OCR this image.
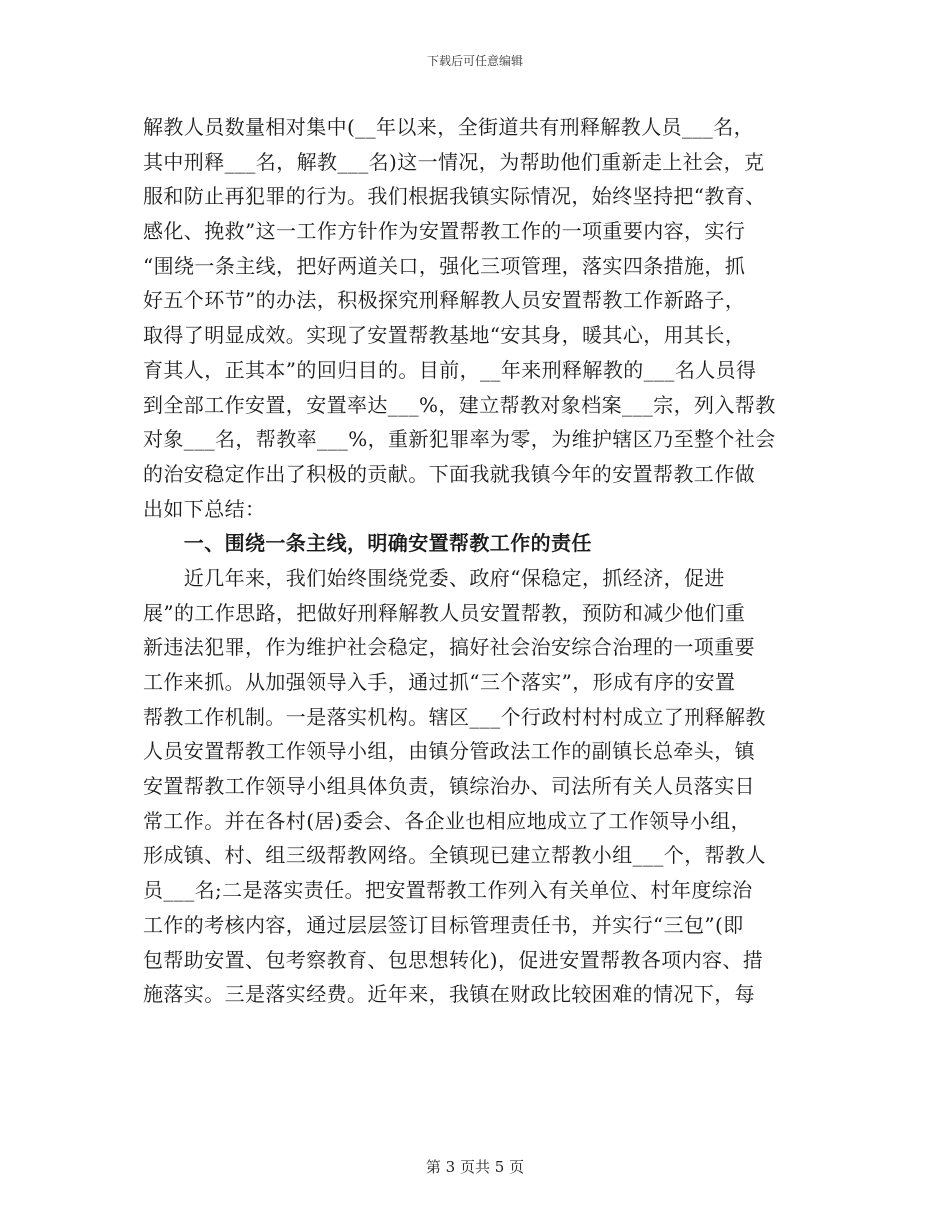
下载后可任意编辑
解教人员数量相对集中(__年以来，全街道共有刑释解教人员___名，
其中刑释___名，解教___名)这一情况，为帮助他们重新走上社会，克
服和防止再犯罪的行为。我们根据我镇实际情况，始终坚持把“教育、
感化、挽救”这一工作方针作为安置帮教工作的一项重要内容，实行
“围绕一条主线，把好两道关口，强化三项管理，落实四条措施，抓
好五个环节”的办法，积极探究刑释解教人员安置帮教工作新路子，
取得了明显成效。实现了安置帮教基地“安其身，暖其心，用其长，
育其人，正其本”的回归目的。目前，__年来刑释解教的___名人员得
到全部工作安置，安置率达___%，建立帮教对象档案___宗，列入帮教
对象___名，帮教率___%，重新犯罪率为零，为维护辖区乃至整个社会
的治安稳定作出了积极的贡献。下面我就我镇今年的安置帮教工作做
出如下总结：
　　一、围绕一条主线，明确安置帮教工作的责任
　　近几年来，我们始终围绕党委、政府“保稳定，抓经济，促进
展”的工作思路，把做好刑释解教人员安置帮教，预防和减少他们重
新违法犯罪，作为维护社会稳定，搞好社会治安综合治理的一项重要
工作来抓。从加强领导入手，通过抓“三个落实”，形成有序的安置
帮教工作机制。一是落实机构。辖区___个行政村村村成立了刑释解教
人员安置帮教工作领导小组，由镇分管政法工作的副镇长总牵头，镇
安置帮教工作领导小组具体负责，镇综治办、司法所有关人员落实日
常工作。并在各村(居)委会、各企业也相应地成立了工作领导小组，
形成镇、村、组三级帮教网络。全镇现已建立帮教小组___个，帮教人
员___名;二是落实责任。把安置帮教工作列入有关单位、村年度综治
工作的考核内容，通过层层签订目标管理责任书，并实行“三包”(即
包帮助安置、包考察教育、包思想转化)，促进安置帮教各项内容、措
施落实。三是落实经费。近年来，我镇在财政比较困难的情况下，每
第 3 页共 5 页
